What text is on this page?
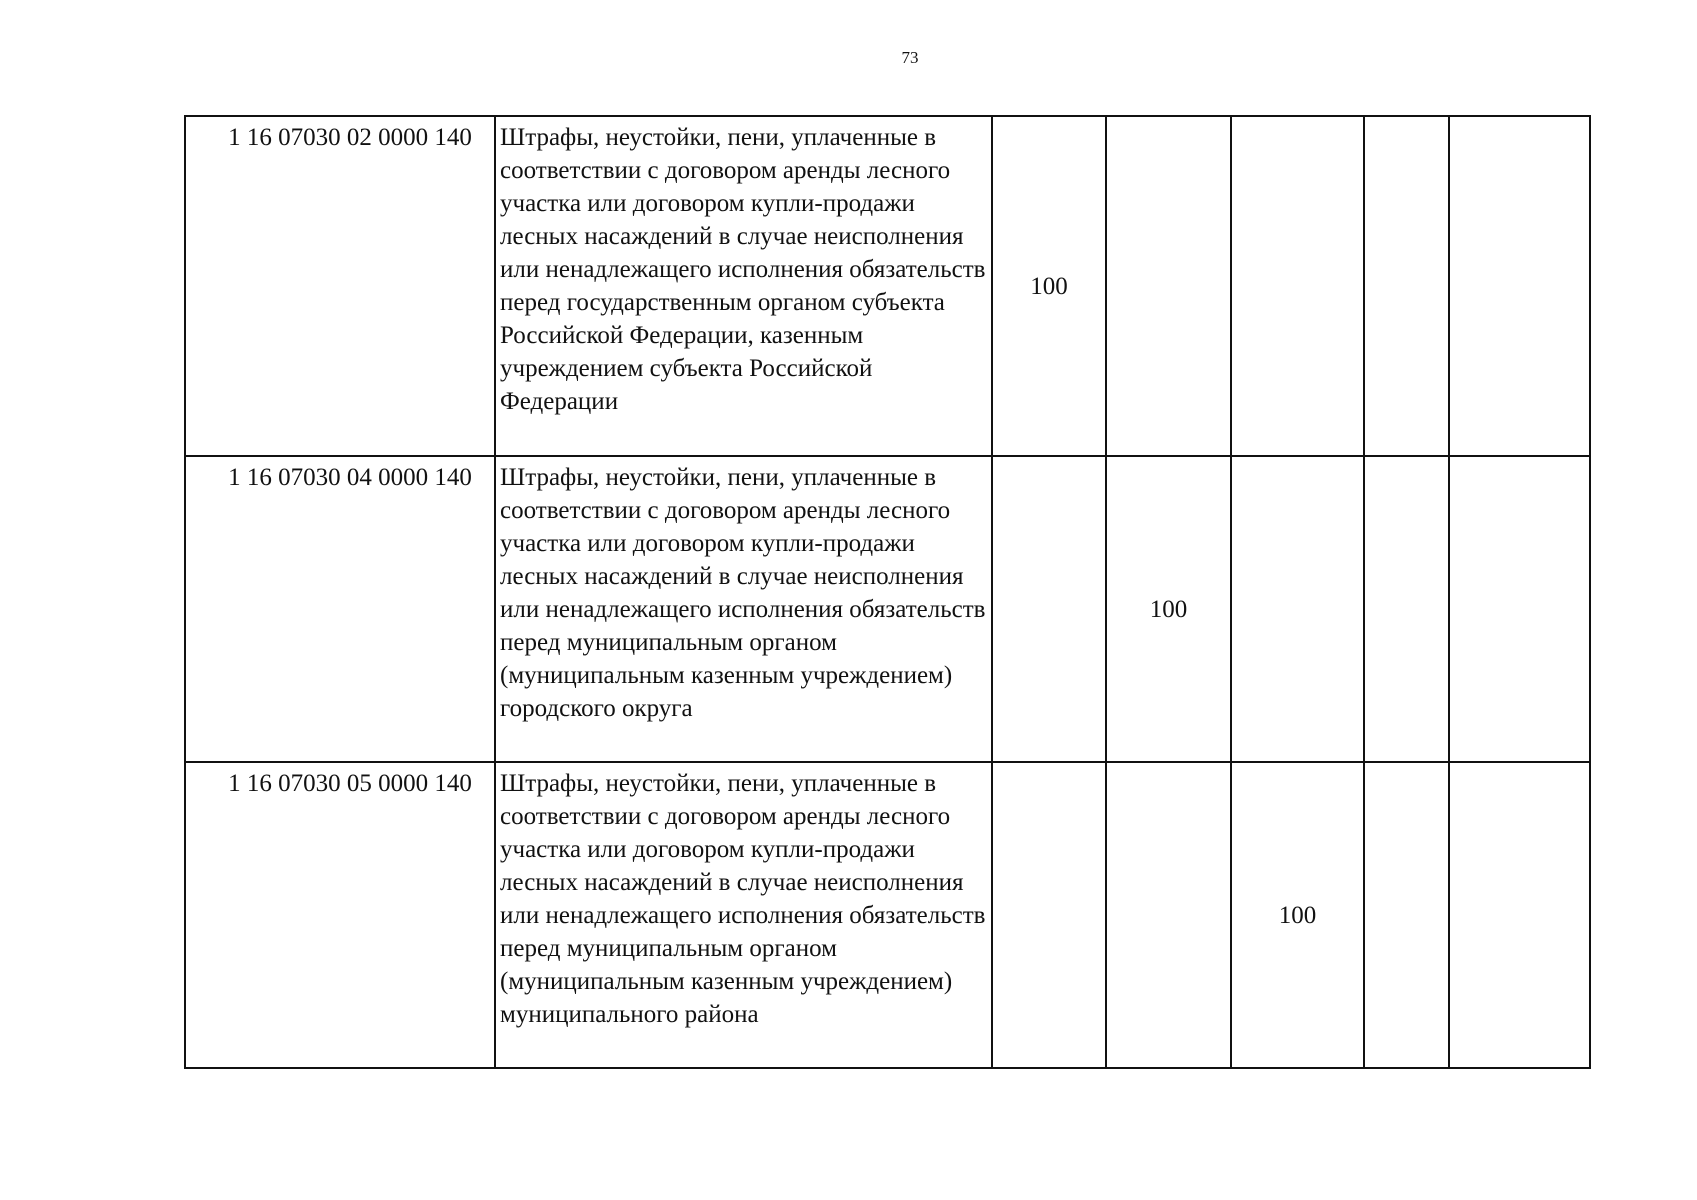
73
1 16 07030 02 0000 140	Штрафы, неустойки, пени, уплаченные в соответствии с договором аренды лесного участка или договором купли-продажи лесных насаждений в случае неисполнения или ненадлежащего исполнения обязательств перед государственным органом субъекта Российской Федерации, казенным учреждением субъекта Российской Федерации	100				
1 16 07030 04 0000 140	Штрафы, неустойки, пени, уплаченные в соответствии с договором аренды лесного участка или договором купли-продажи лесных насаждений в случае неисполнения или ненадлежащего исполнения обязательств перед муниципальным органом (муниципальным казенным учреждением) городского округа		100			
1 16 07030 05 0000 140	Штрафы, неустойки, пени, уплаченные в соответствии с договором аренды лесного участка или договором купли-продажи лесных насаждений в случае неисполнения или ненадлежащего исполнения обязательств перед муниципальным органом (муниципальным казенным учреждением) муниципального района			100		
